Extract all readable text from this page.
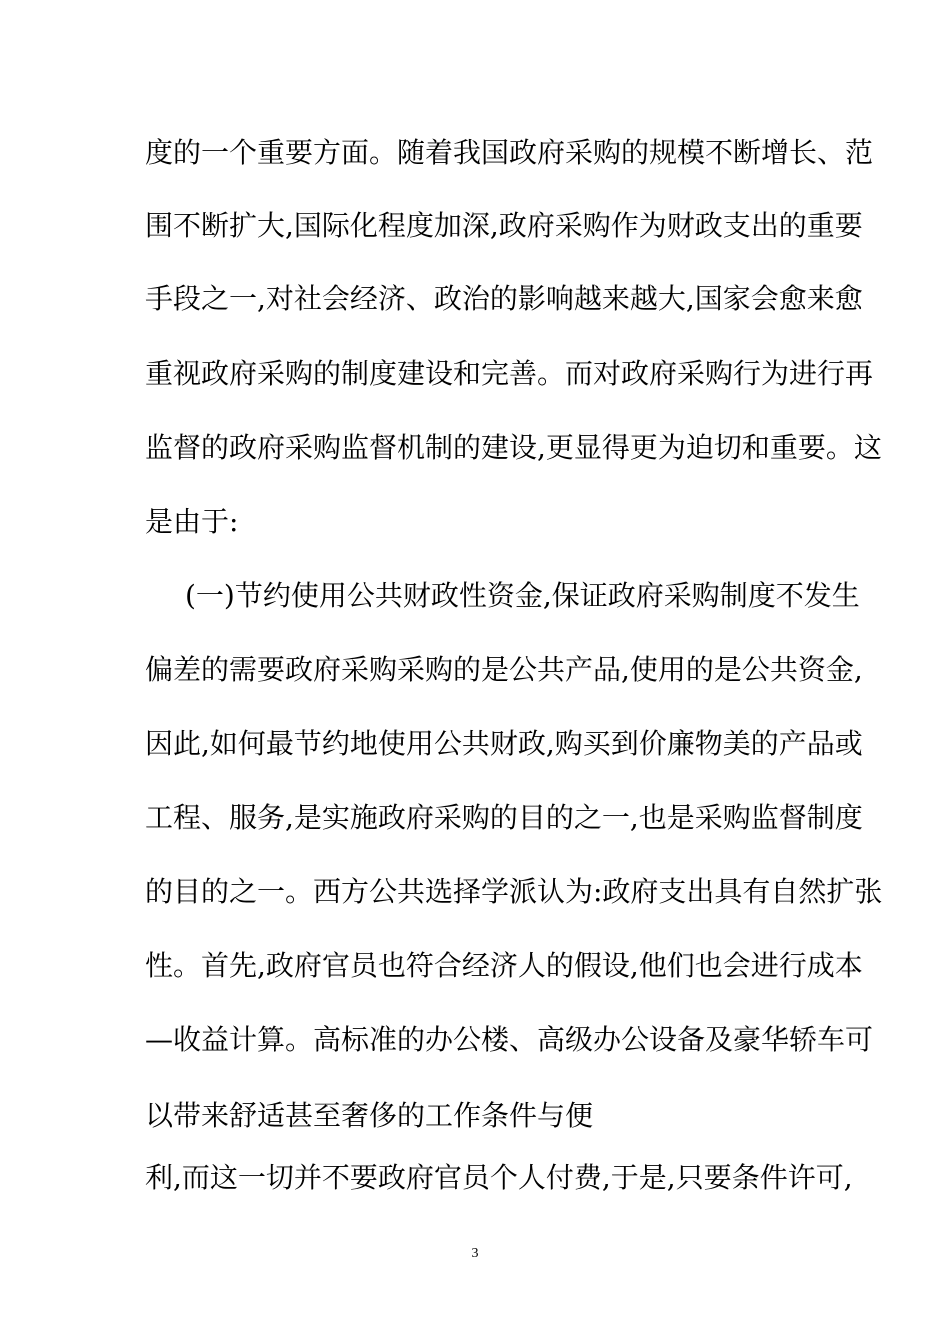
度的一个重要方面。随着我国政府采购的规模不断增长、范
围不断扩大,国际化程度加深,政府采购作为财政支出的重要
手段之一,对社会经济、政治的影响越来越大,国家会愈来愈
重视政府采购的制度建设和完善。而对政府采购行为进行再
监督的政府采购监督机制的建设,更显得更为迫切和重要。这
是由于:
(一)节约使用公共财政性资金,保证政府采购制度不发生
偏差的需要政府采购采购的是公共产品,使用的是公共资金,
因此,如何最节约地使用公共财政,购买到价廉物美的产品或
工程、服务,是实施政府采购的目的之一,也是采购监督制度
的目的之一。西方公共选择学派认为:政府支出具有自然扩张
性。首先,政府官员也符合经济人的假设,他们也会进行成本
—收益计算。高标准的办公楼、高级办公设备及豪华轿车可
以带来舒适甚至奢侈的工作条件与便
利,而这一切并不要政府官员个人付费,于是,只要条件许可,
3
